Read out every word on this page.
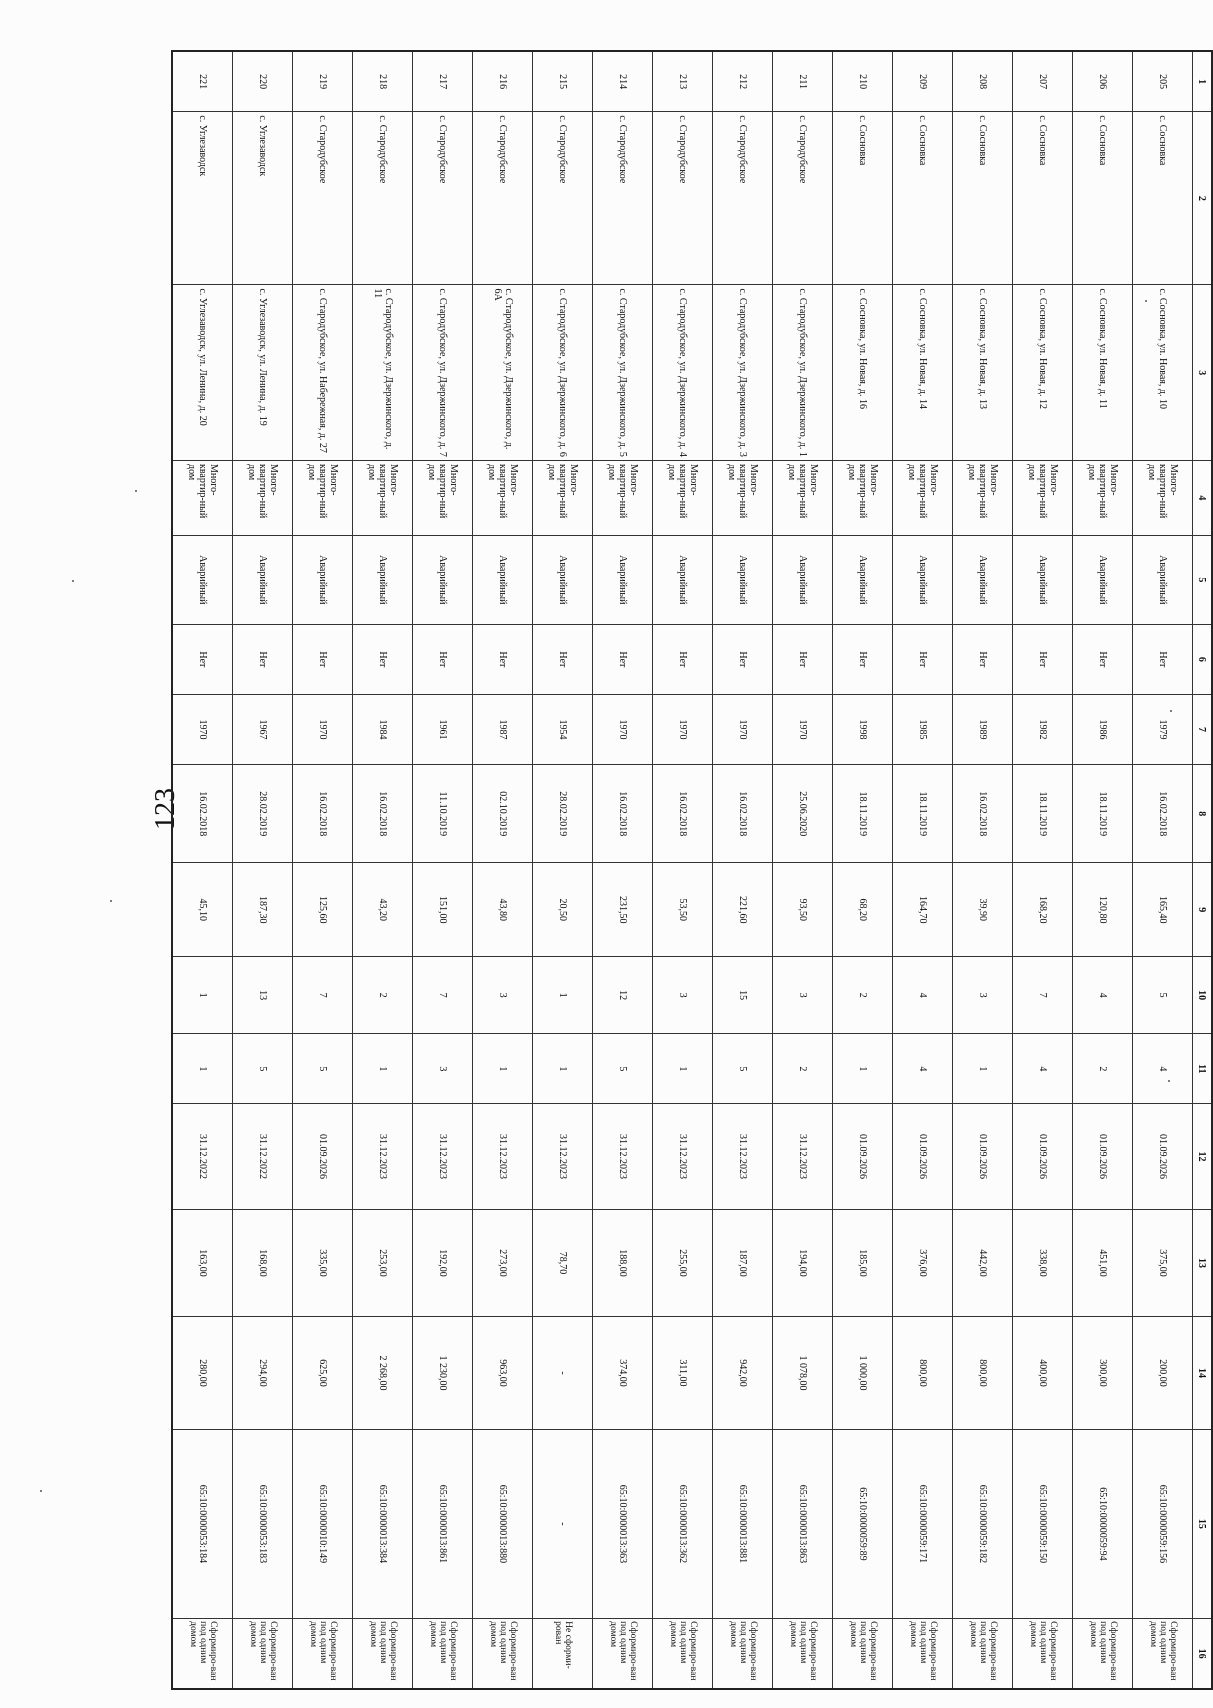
123
1	2	3	4	5	6	7	8	9	10	11	12	13	14	15	16
205	с. Сосновка	с. Сосновка, ул. Новая, д. 10	Много-квартир-ный дом	Аварийный	Нет	1979	16.02.2018	165,40	5	4	01.09.2026	375,00	200,00	65:10:0000059:156	Сформиро-ван под одним домом
206	с. Сосновка	с. Сосновка, ул. Новая, д. 11	Много-квартир-ный дом	Аварийный	Нет	1986	18.11.2019	120,80	4	2	01.09.2026	451,00	300,00	65:10:0000059:94	Сформиро-ван под одним домом
207	с. Сосновка	с. Сосновка, ул. Новая, д. 12	Много-квартир-ный дом	Аварийный	Нет	1982	18.11.2019	168,20	7	4	01.09.2026	338,00	400,00	65:10:0000059:150	Сформиро-ван под одним домом
208	с. Сосновка	с. Сосновка, ул. Новая, д. 13	Много-квартир-ный дом	Аварийный	Нет	1989	16.02.2018	39,90	3	1	01.09.2026	442,00	800,00	65:10:0000059:182	Сформиро-ван под одним домом
209	с. Сосновка	с. Сосновка, ул. Новая, д. 14	Много-квартир-ный дом	Аварийный	Нет	1985	18.11.2019	164,70	4	4	01.09.2026	376,00	800,00	65:10:0000059:171	Сформиро-ван под одним домом
210	с. Сосновка	с. Сосновка, ул. Новая, д. 16	Много-квартир-ный дом	Аварийный	Нет	1998	18.11.2019	68,20	2	1	01.09.2026	185,00	1 000,00	65:10:0000059:89	Сформиро-ван под одним домом
211	с. Стародубское	с. Стародубское, ул. Дзержинского, д. 1	Много-квартир-ный дом	Аварийный	Нет	1970	25.06.2020	93,50	3	2	31.12.2023	194,00	1 078,00	65:10:0000013:863	Сформиро-ван под одним домом
212	с. Стародубское	с. Стародубское, ул. Дзержинского, д. 3	Много-квартир-ный дом	Аварийный	Нет	1970	16.02.2018	221,60	15	5	31.12.2023	187,00	942,00	65:10:0000013:881	Сформиро-ван под одним домом
213	с. Стародубское	с. Стародубское, ул. Дзержинского, д. 4	Много-квартир-ный дом	Аварийный	Нет	1970	16.02.2018	53,50	3	1	31.12.2023	255,00	311,00	65:10:0000013:362	Сформиро-ван под одним домом
214	с. Стародубское	с. Стародубское, ул. Дзержинского, д. 5	Много-квартир-ный дом	Аварийный	Нет	1970	16.02.2018	231,50	12	5	31.12.2023	188,00	374,00	65:10:0000013:363	Сформиро-ван под одним домом
215	с. Стародубское	с. Стародубское, ул. Дзержинского, д. 6	Много-квартир-ный дом	Аварийный	Нет	1954	28.02.2019	20,50	1	1	31.12.2023	78,70	-	-	Не сформи-рован
216	с. Стародубское	с. Стародубское, ул. Дзержинского, д. 6А	Много-квартир-ный дом	Аварийный	Нет	1987	02.10.2019	43,80	3	1	31.12.2023	273,00	963,00	65:10:0000013:880	Сформиро-ван под одним домом
217	с. Стародубское	с. Стародубское, ул. Дзержинского, д. 7	Много-квартир-ный дом	Аварийный	Нет	1961	11.10.2019	151,00	7	3	31.12.2023	192,00	1 230,00	65:10:0000013:861	Сформиро-ван под одним домом
218	с. Стародубское	с. Стародубское, ул. Дзержинского, д. 11	Много-квартир-ный дом	Аварийный	Нет	1984	16.02.2018	43,20	2	1	31.12.2023	253,00	2 268,00	65:10:0000013:384	Сформиро-ван под одним домом
219	с. Стародубское	с. Стародубское, ул. Набережная, д. 27	Много-квартир-ный дом	Аварийный	Нет	1970	16.02.2018	125,60	7	5	01.09.2026	335,00	625,00	65:10:0000010:149	Сформиро-ван под одним домом
220	с. Углезаводск	с. Углезаводск, ул. Ленина, д. 19	Много-квартир-ный дом	Аварийный	Нет	1967	28.02.2019	187,30	13	5	31.12.2022	168,00	294,00	65:10:0000053:183	Сформиро-ван под одним домом
221	с. Углезаводск	с. Углезаводск, ул. Ленина, д. 20	Много-квартир-ный дом	Аварийный	Нет	1970	16.02.2018	45,10	1	1	31.12.2022	163,00	280,00	65:10:0000053:184	Сформиро-ван под одним домом
